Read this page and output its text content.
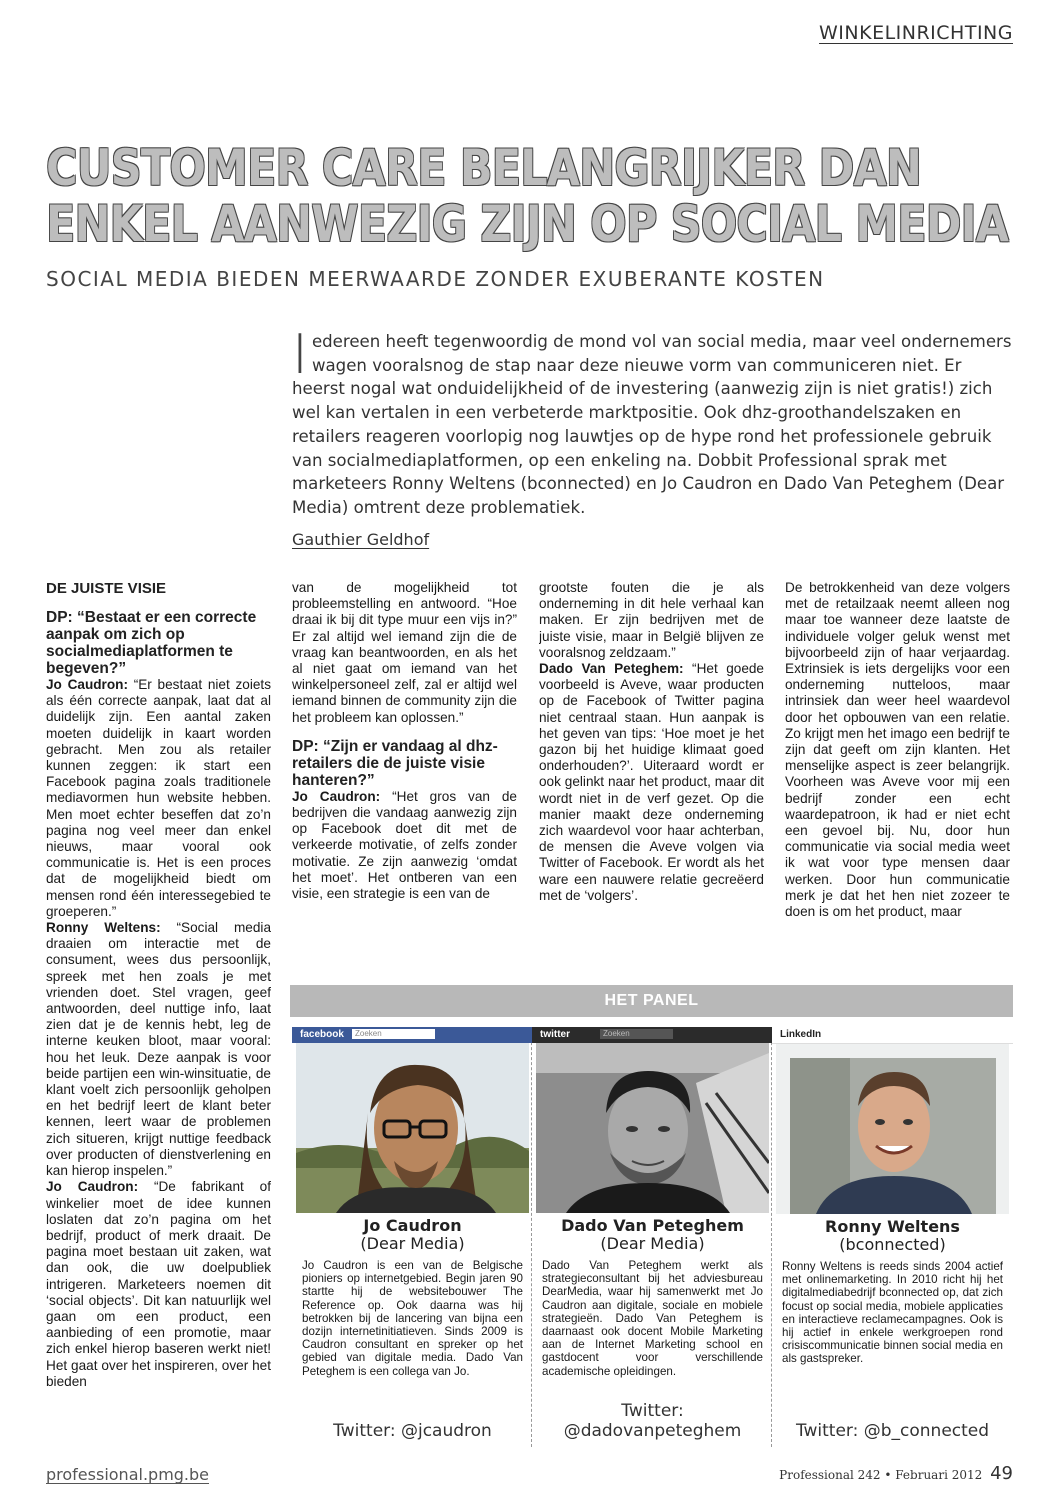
WINKELINRICHTING
CUSTOMER CARE BELANGRIJKER DAN
ENKEL AANWEZIG ZIJN OP SOCIAL MEDIA
SOCIAL MEDIA BIEDEN MEERWAARDE ZONDER EXUBERANTE KOSTEN

Iedereen heeft tegenwoordig de mond vol van social media, maar veel ondernemers wagen vooralsnog de stap naar deze nieuwe vorm van communiceren niet. Er heerst nogal wat onduidelijkheid of de investering (aanwezig zijn is niet gratis!) zich wel kan vertalen in een verbeterde marktpositie. Ook dhz-groothandelszaken en retailers reageren voorlopig nog lauwtjes op de hype rond het professionele gebruik van socialmediaplatformen, op een enkeling na. Dobbit Professional sprak met marketeers Ronny Weltens (bconnected) en Jo Caudron en Dado Van Peteghem (Dear Media) omtrent deze problematiek.

Gauthier Geldhof
DE JUISTE VISIE
DP: “Bestaat er een correcte aanpak om zich op socialmediaplatformen te begeven?”

Jo Caudron: “Er bestaat niet zoiets als één correcte aanpak, laat dat al duidelijk zijn. Een aantal zaken moeten duidelijk in kaart worden gebracht. Men zou als retailer kunnen zeggen: ik start een Facebook pagina zoals traditionele mediavormen hun website hebben. Men moet echter beseffen dat zo’n pagina nog veel meer dan enkel nieuws, maar vooral ook communicatie is. Het is een proces dat de mogelijkheid biedt om mensen rond één interessegebied te groeperen.”

Ronny Weltens: “Social media draaien om interactie met de consument, wees dus persoonlijk, spreek met hen zoals je met vrienden doet. Stel vragen, geef antwoorden, deel nuttige info, laat zien dat je de kennis hebt, leg de interne keuken bloot, maar vooral: hou het leuk. Deze aanpak is voor beide partijen een win-winsituatie, de klant voelt zich persoonlijk geholpen en het bedrijf leert de klant beter kennen, leert waar de problemen zich situeren, krijgt nuttige feedback over producten of dienstverlening en kan hierop inspelen.”

Jo Caudron: “De fabrikant of winkelier moet de idee kunnen loslaten dat zo’n pagina om het bedrijf, product of merk draait. De pagina moet bestaan uit zaken, wat dan ook, die uw doelpubliek intrigeren. Marketeers noemen dit ‘social objects’. Dit kan natuurlijk wel gaan om een product, een aanbieding of een promotie, maar zich enkel hierop baseren werkt niet! Het gaat over het inspireren, over het bieden

van de mogelijkheid tot probleemstelling en antwoord. “Hoe draai ik bij dit type muur een vijs in?” Er zal altijd wel iemand zijn die de vraag kan beantwoorden, en als het al niet gaat om iemand van het winkelpersoneel zelf, zal er altijd wel iemand binnen de community zijn die het probleem kan oplossen.”

DP: “Zijn er vandaag al dhz-retailers die de juiste visie hanteren?”

Jo Caudron: “Het gros van de bedrijven die vandaag aanwezig zijn op Facebook doet dit met de verkeerde motivatie, of zelfs zonder motivatie. Ze zijn aanwezig ‘omdat het moet’. Het ontberen van een visie, een strategie is een van de

grootste fouten die je als onderneming in dit hele verhaal kan maken. Er zijn bedrijven met de juiste visie, maar in België blijven ze vooralsnog zeldzaam.”

Dado Van Peteghem: “Het goede voorbeeld is Aveve, waar producten op de Facebook of Twitter pagina niet centraal staan. Hun aanpak is het geven van tips: ‘Hoe moet je het gazon bij het huidige klimaat goed onderhouden?’. Uiteraard wordt er ook gelinkt naar het product, maar dit wordt niet in de verf gezet. Op die manier maakt deze onderneming zich waardevol voor haar achterban, de mensen die Aveve volgen via Twitter of Facebook. Er wordt als het ware een nauwere relatie gecreëerd met de ‘volgers’.

De betrokkenheid van deze volgers met de retailzaak neemt alleen nog maar toe wanneer deze laatste de individuele volger geluk wenst met bijvoorbeeld zijn of haar verjaardag. Extrinsiek is iets dergelijks voor een onderneming nutteloos, maar intrinsiek dan weer heel waardevol door het opbouwen van een relatie. Zo krijgt men het imago een bedrijf te zijn dat geeft om zijn klanten. Het menselijke aspect is zeer belangrijk. Voorheen was Aveve voor mij een bedrijf zonder een echt waardepatroon, ik had er niet echt een gevoel bij. Nu, door hun communicatie via social media weet ik wat voor type mensen daar werken. Door hun communicatie merk je dat het hen niet zozeer te doen is om het product, maar

HET PANEL
facebook	Zoeken
Jo Caudron
(Dear Media)
Jo Caudron is een van de Belgische pioniers op internetgebied. Begin jaren 90 startte hij de websitebouwer The Reference op. Ook daarna was hij betrokken bij de lancering van bijna een dozijn internetinitiatieven. Sinds 2009 is Caudron consultant en spreker op het gebied van digitale media. Dado Van Peteghem is een collega van Jo.
Twitter: @jcaudron
twitter	Zoeken
Dado Van Peteghem
(Dear Media)
Dado Van Peteghem werkt als strategieconsultant bij het adviesbureau DearMedia, waar hij samenwerkt met Jo Caudron aan digitale, sociale en mobiele strategieën. Dado Van Peteghem is daarnaast ook docent Mobile Marketing aan de Internet Marketing school en gastdocent voor verschillende academische opleidingen.
Twitter: @dadovanpeteghem
LinkedIn
Ronny Weltens
(bconnected)
Ronny Weltens is reeds sinds 2004 actief met onlinemarketing. In 2010 richt hij het digitalmediabedrijf bconnected op, dat zich focust op social media, mobiele applicaties en interactieve reclamecampagnes. Ook is hij actief in enkele werkgroepen rond crisiscommunicatie binnen social media en als gastspreker.
Twitter: @b_connected
professional.pmg.be	Professional 242 • Februari 2012 49
